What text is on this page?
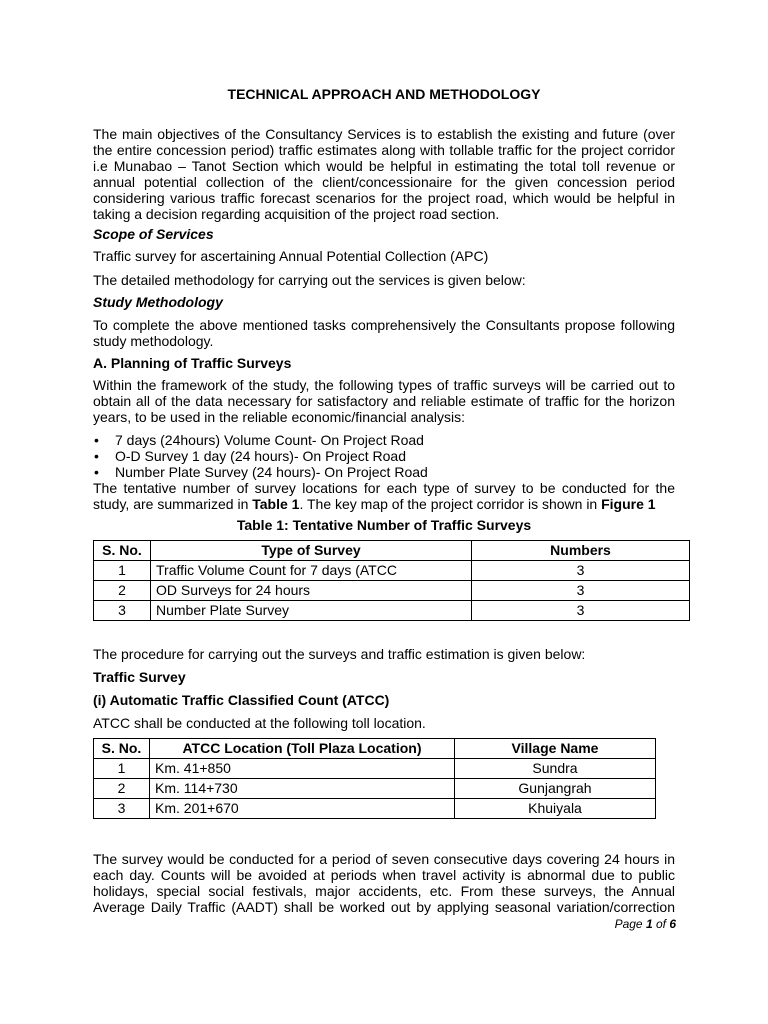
TECHNICAL APPROACH AND METHODOLOGY
The main objectives of the Consultancy Services is to establish the existing and future (over the entire concession period) traffic estimates along with tollable traffic for the project corridor i.e Munabao – Tanot Section which would be helpful in estimating the total toll revenue or annual potential collection of the client/concessionaire for the given concession period considering various traffic forecast scenarios for the project road, which would be helpful in taking a decision regarding acquisition of the project road section.
Scope of Services
Traffic survey for ascertaining Annual Potential Collection (APC)
The detailed methodology for carrying out the services is given below:
Study Methodology
To complete the above mentioned tasks comprehensively the Consultants propose following study methodology.
A. Planning of Traffic Surveys
Within the framework of the study, the following types of traffic surveys will be carried out to obtain all of the data necessary for satisfactory and reliable estimate of traffic for the horizon years, to be used in the reliable economic/financial analysis:
• 7 days (24hours) Volume Count- On Project Road
• O-D Survey 1 day (24 hours)- On Project Road
• Number Plate Survey (24 hours)- On Project Road
The tentative number of survey locations for each type of survey to be conducted for the study, are summarized in Table 1. The key map of the project corridor is shown in Figure 1
Table 1: Tentative Number of Traffic Surveys
S. No.	Type of Survey	Numbers
1	Traffic Volume Count for 7 days (ATCC	3
2	OD Surveys for 24 hours	3
3	Number Plate Survey	3
The procedure for carrying out the surveys and traffic estimation is given below:
Traffic Survey
(i) Automatic Traffic Classified Count (ATCC)
ATCC shall be conducted at the following toll location.
S. No.	ATCC Location (Toll Plaza Location)	Village Name
1	Km. 41+850	Sundra
2	Km. 114+730	Gunjangrah
3	Km. 201+670	Khuiyala
The survey would be conducted for a period of seven consecutive days covering 24 hours in each day. Counts will be avoided at periods when travel activity is abnormal due to public holidays, special social festivals, major accidents, etc. From these surveys, the Annual Average Daily Traffic (AADT) shall be worked out by applying seasonal variation/correction
Page 1 of 6
